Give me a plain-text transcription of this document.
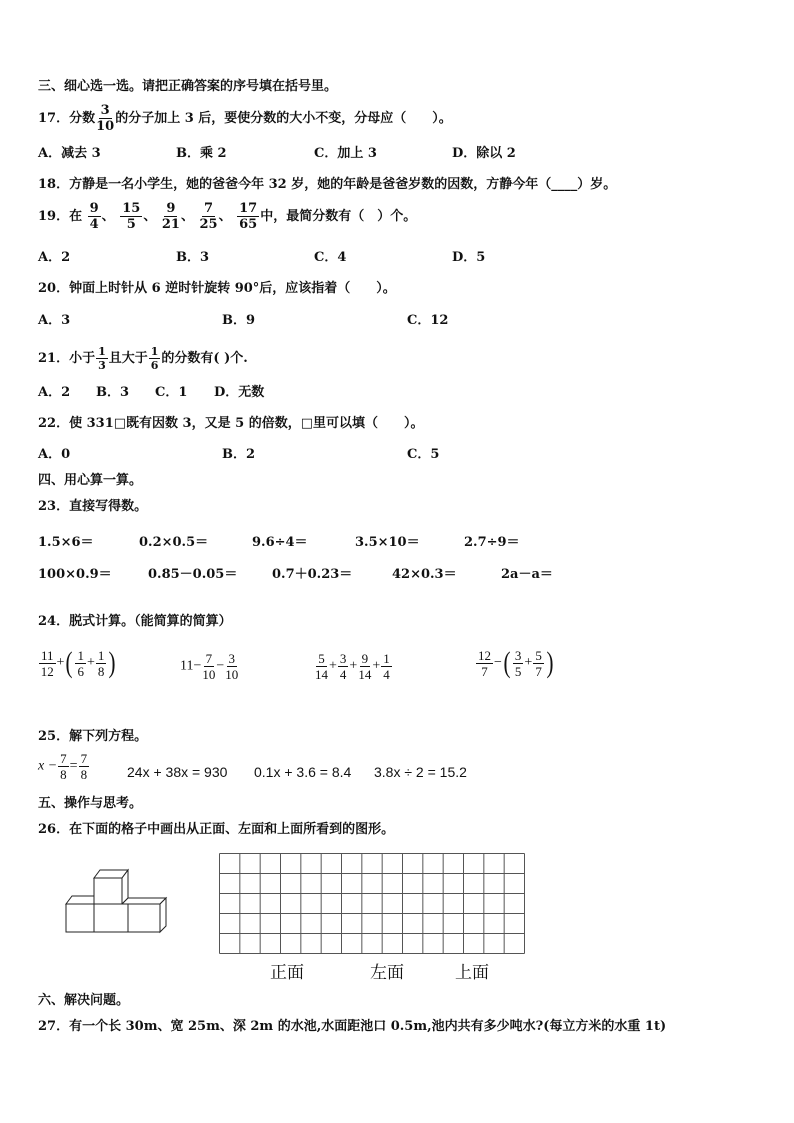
三、细心选一选。请把正确答案的序号填在括号里。
17．分数 $\frac{3}{10}$ 的分子加上 3 后，要使分数的大小不变，分母应（　　）。
A．减去 3	B．乘 2	C．加上 3	D．除以 2
18．方静是一名小学生，她的爸爸今年 32 岁，她的年龄是爸爸岁数的因数，方静今年（____）岁。
19．在 $\frac{9}{4}$ 、 $\frac{15}{5}$ 、 $\frac{9}{21}$ 、 $\frac{7}{25}$ 、 $\frac{17}{65}$ 中，最简分数有（　）个。
A．2	B．3	C．4	D．5
20．钟面上时针从 6 逆时针旋转 90°后，应该指着（　　）。
A．3	B．9	C．12
21．小于 $\frac{1}{3}$ 且大于 $\frac{1}{6}$ 的分数有( )个.
A．2 B．3 C．1 D．无数
22．使 331□既有因数 3，又是 5 的倍数，□里可以填（　　）。
A．0	B．2	C．5
四、用心算一算。
23．直接写得数。
1.5×6＝	0.2×0.5＝	9.6÷4＝	3.5×10＝	2.7÷9＝
100×0.9＝	0.85－0.05＝	0.7＋0.23＝	42×0.3＝	2a－a＝
24．脱式计算。（能简算的简算）
$\frac{11}{12}$ +( $\frac{1}{6} + \frac{1}{8}$ )	$11- \frac{7}{10} - \frac{3}{10}$	$\frac{5}{14} + \frac{3}{4} + \frac{9}{14} + \frac{1}{4}$	$\frac{12}{7}$ −( $\frac{3}{5} + \frac{5}{7}$ )
25．解下列方程。
$x - \frac{7}{8} = \frac{7}{8}$	24x + 38x = 930 0.1x + 3.6 = 8.4 3.8x ÷ 2 = 15.2
五、操作与思考。
26．在下面的格子中画出从正面、左面和上面所看到的图形。
正面	左面	上面
六、解决问题。
27．有一个长 30m、宽 25m、深 2m 的水池,水面距池口 0.5m,池内共有多少吨水?(每立方米的水重 1t)
